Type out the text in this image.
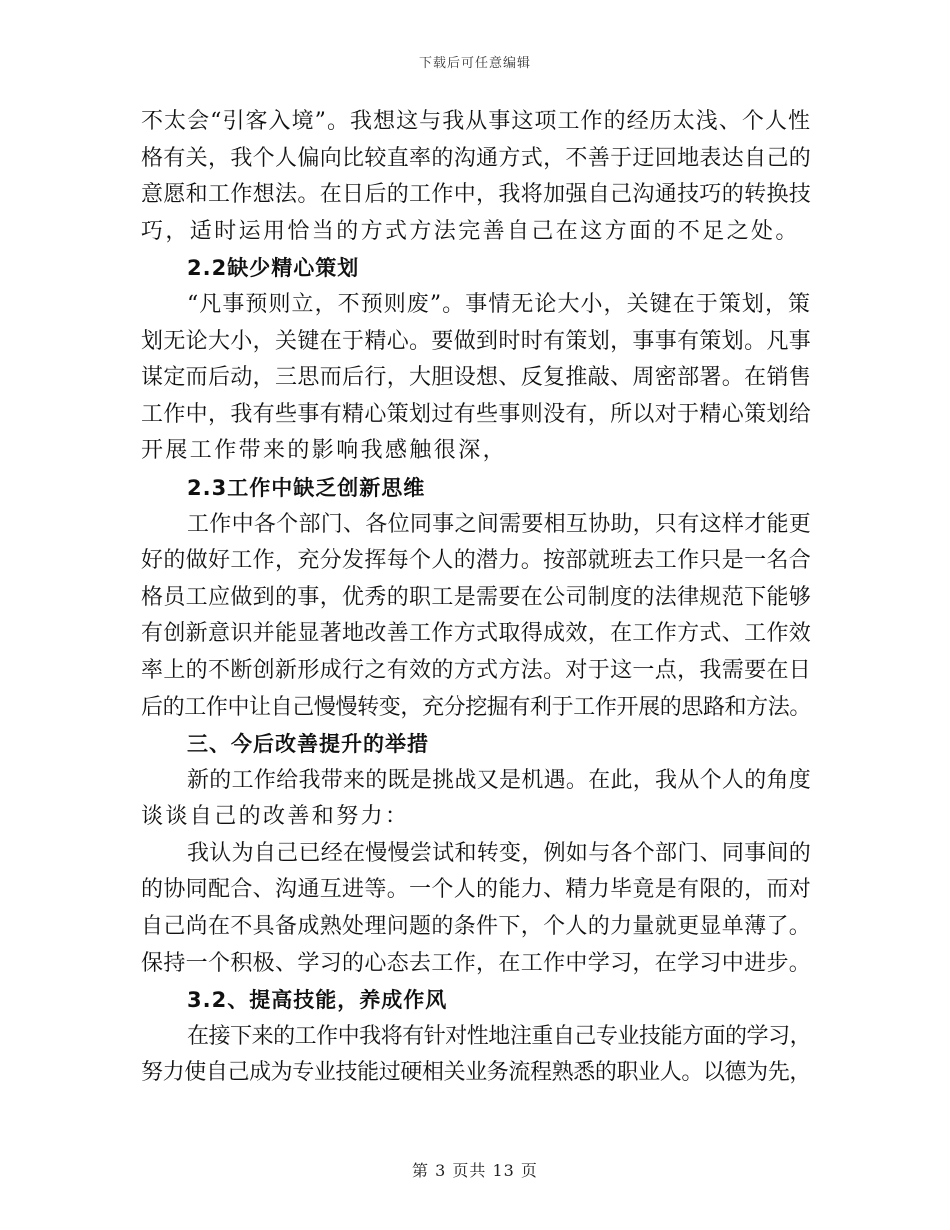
下载后可任意编辑
不太会“引客入境”。我想这与我从事这项工作的经历太浅、个人性
格有关，我个人偏向比较直率的沟通方式，不善于迂回地表达自己的
意愿和工作想法。在日后的工作中，我将加强自己沟通技巧的转换技
巧，适时运用恰当的方式方法完善自己在这方面的不足之处。
2.2缺少精心策划
“凡事预则立，不预则废”。事情无论大小，关键在于策划，策
划无论大小，关键在于精心。要做到时时有策划，事事有策划。凡事
谋定而后动，三思而后行，大胆设想、反复推敲、周密部署。在销售
工作中，我有些事有精心策划过有些事则没有，所以对于精心策划给
开展工作带来的影响我感触很深，
2.3工作中缺乏创新思维
工作中各个部门、各位同事之间需要相互协助，只有这样才能更
好的做好工作，充分发挥每个人的潜力。按部就班去工作只是一名合
格员工应做到的事，优秀的职工是需要在公司制度的法律规范下能够
有创新意识并能显著地改善工作方式取得成效，在工作方式、工作效
率上的不断创新形成行之有效的方式方法。对于这一点，我需要在日
后的工作中让自己慢慢转变，充分挖掘有利于工作开展的思路和方法。
三、今后改善提升的举措
新的工作给我带来的既是挑战又是机遇。在此，我从个人的角度
谈谈自己的改善和努力：
我认为自己已经在慢慢尝试和转变，例如与各个部门、同事间的
的协同配合、沟通互进等。一个人的能力、精力毕竟是有限的，而对
自己尚在不具备成熟处理问题的条件下，个人的力量就更显单薄了。
保持一个积极、学习的心态去工作，在工作中学习，在学习中进步。
3.2、提高技能，养成作风
在接下来的工作中我将有针对性地注重自己专业技能方面的学习，
努力使自己成为专业技能过硬相关业务流程熟悉的职业人。以德为先，
第 3 页共 13 页
